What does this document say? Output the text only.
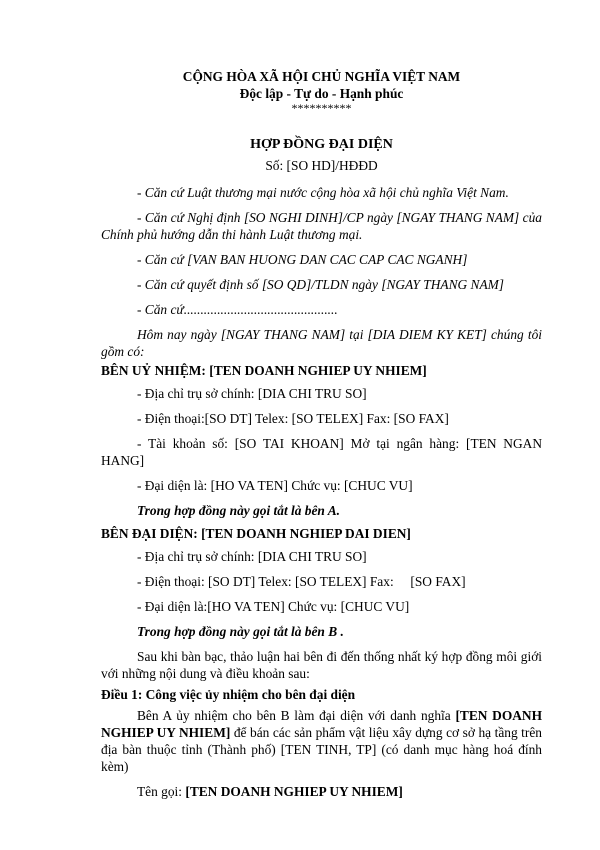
CỘNG HÒA XÃ HỘI CHỦ NGHĨA VIỆT NAM

Độc lập - Tự do - Hạnh phúc

**********

HỢP ĐỒNG ĐẠI DIỆN

Số: [SO HD]/HĐĐD

- Căn cứ Luật thương mại nước cộng hòa xã hội chủ nghĩa Việt Nam.

- Căn cứ Nghị định [SO NGHI DINH]/CP ngày [NGAY THANG NAM] của Chính phủ hướng dẫn thi hành Luật thương mại.

- Căn cứ [VAN BAN HUONG DAN CAC CAP CAC NGANH]

- Căn cứ quyết định số [SO QD]/TLDN ngày [NGAY THANG NAM]

- Căn cứ..............................................

Hôm nay ngày [NGAY THANG NAM] tại [DIA DIEM KY KET] chúng tôi gồm có:

BÊN UỶ NHIỆM: [TEN DOANH NGHIEP UY NHIEM]

- Địa chỉ trụ sở chính: [DIA CHI TRU SO]

- Điện thoại:[SO DT] Telex: [SO TELEX] Fax: [SO FAX]

- Tài khoản số: [SO TAI KHOAN] Mở tại ngân hàng: [TEN NGAN HANG]

- Đại diện là: [HO VA TEN] Chức vụ: [CHUC VU]

Trong hợp đồng này gọi tắt là bên A.

BÊN ĐẠI DIỆN: [TEN DOANH NGHIEP DAI DIEN]

- Địa chỉ trụ sở chính: [DIA CHI TRU SO]

- Điện thoại: [SO DT] Telex: [SO TELEX] Fax:     [SO FAX]

- Đại diện là:[HO VA TEN] Chức vụ: [CHUC VU]

Trong hợp đồng này gọi tắt là bên B .

Sau khi bàn bạc, thảo luận hai bên đi đến thống nhất ký hợp đồng môi giới với những nội dung và điều khoản sau:

Điều 1: Công việc ủy nhiệm cho bên đại diện

Bên A ủy nhiệm cho bên B làm đại diện với danh nghĩa [TEN DOANH NGHIEP UY NHIEM] để bán các sản phẩm vật liệu xây dựng cơ sở hạ tầng trên địa bàn thuộc tỉnh (Thành phố) [TEN TINH, TP] (có danh mục hàng hoá đính kèm)

Tên gọi: [TEN DOANH NGHIEP UY NHIEM]
